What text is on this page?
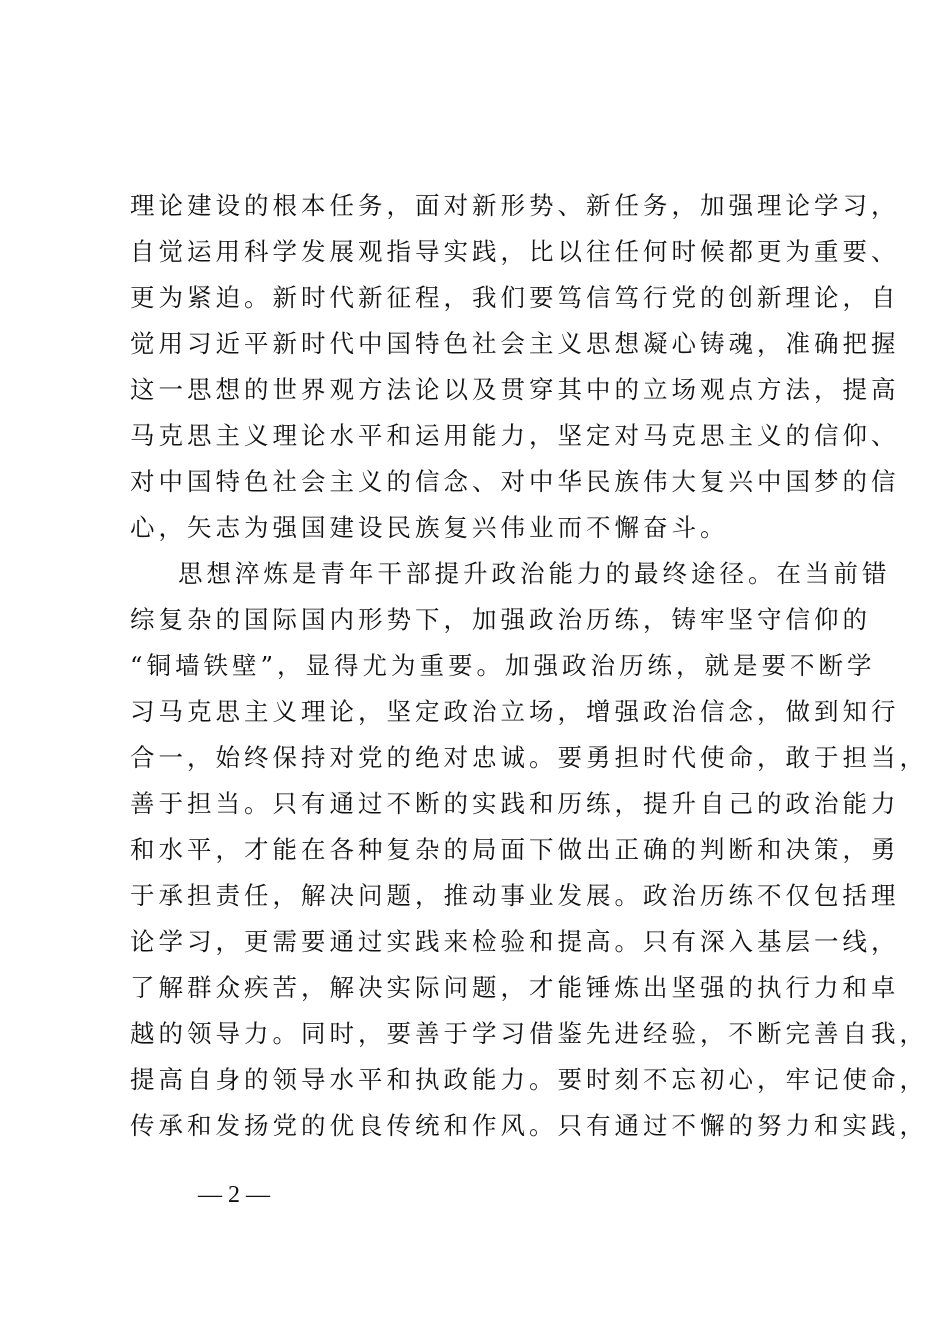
理论建设的根本任务，面对新形势、新任务，加强理论学习，
自觉运用科学发展观指导实践，比以往任何时候都更为重要、
更为紧迫。新时代新征程，我们要笃信笃行党的创新理论，自
觉用习近平新时代中国特色社会主义思想凝心铸魂，准确把握
这一思想的世界观方法论以及贯穿其中的立场观点方法，提高
马克思主义理论水平和运用能力，坚定对马克思主义的信仰、
对中国特色社会主义的信念、对中华民族伟大复兴中国梦的信
心，矢志为强国建设民族复兴伟业而不懈奋斗。
思想淬炼是青年干部提升政治能力的最终途径。在当前错
综复杂的国际国内形势下，加强政治历练，铸牢坚守信仰的
“铜墙铁壁”，显得尤为重要。加强政治历练，就是要不断学
习马克思主义理论，坚定政治立场，增强政治信念，做到知行
合一，始终保持对党的绝对忠诚。要勇担时代使命，敢于担当，
善于担当。只有通过不断的实践和历练，提升自己的政治能力
和水平，才能在各种复杂的局面下做出正确的判断和决策，勇
于承担责任，解决问题，推动事业发展。政治历练不仅包括理
论学习，更需要通过实践来检验和提高。只有深入基层一线，
了解群众疾苦，解决实际问题，才能锤炼出坚强的执行力和卓
越的领导力。同时，要善于学习借鉴先进经验，不断完善自我，
提高自身的领导水平和执政能力。要时刻不忘初心，牢记使命，
传承和发扬党的优良传统和作风。只有通过不懈的努力和实践，
— 2 —
